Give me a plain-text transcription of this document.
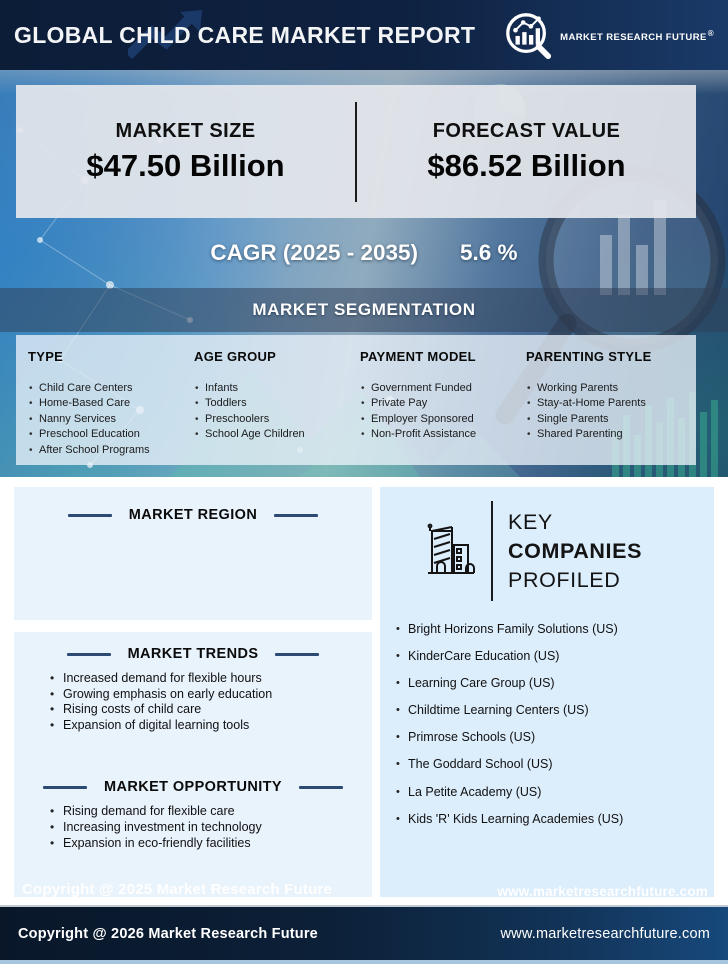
GLOBAL CHILD CARE MARKET REPORT	MARKET RESEARCH FUTURE®
MARKET SIZE
$47.50 Billion
FORECAST VALUE
$86.52 Billion
CAGR (2025 - 2035) 5.6 %
MARKET SEGMENTATION
TYPE
• Child Care Centers
• Home-Based Care
• Nanny Services
• Preschool Education
• After School Programs
AGE GROUP
• Infants
• Toddlers
• Preschoolers
• School Age Children
PAYMENT MODEL
• Government Funded
• Private Pay
• Employer Sponsored
• Non-Profit Assistance
PARENTING STYLE
• Working Parents
• Stay-at-Home Parents
• Single Parents
• Shared Parenting
MARKET REGION
MARKET TRENDS
• Increased demand for flexible hours
• Growing emphasis on early education
• Rising costs of child care
• Expansion of digital learning tools
MARKET OPPORTUNITY
• Rising demand for flexible care
• Increasing investment in technology
• Expansion in eco-friendly facilities
KEY
COMPANIES
PROFILED
• Bright Horizons Family Solutions (US)
• KinderCare Education (US)
• Learning Care Group (US)
• Childtime Learning Centers (US)
• Primrose Schools (US)
• The Goddard School (US)
• La Petite Academy (US)
• Kids 'R' Kids Learning Academies (US)
Copyright @ 2025 Market Research Future	www.marketresearchfuture.com
Copyright @ 2026 Market Research Future	www.marketresearchfuture.com
